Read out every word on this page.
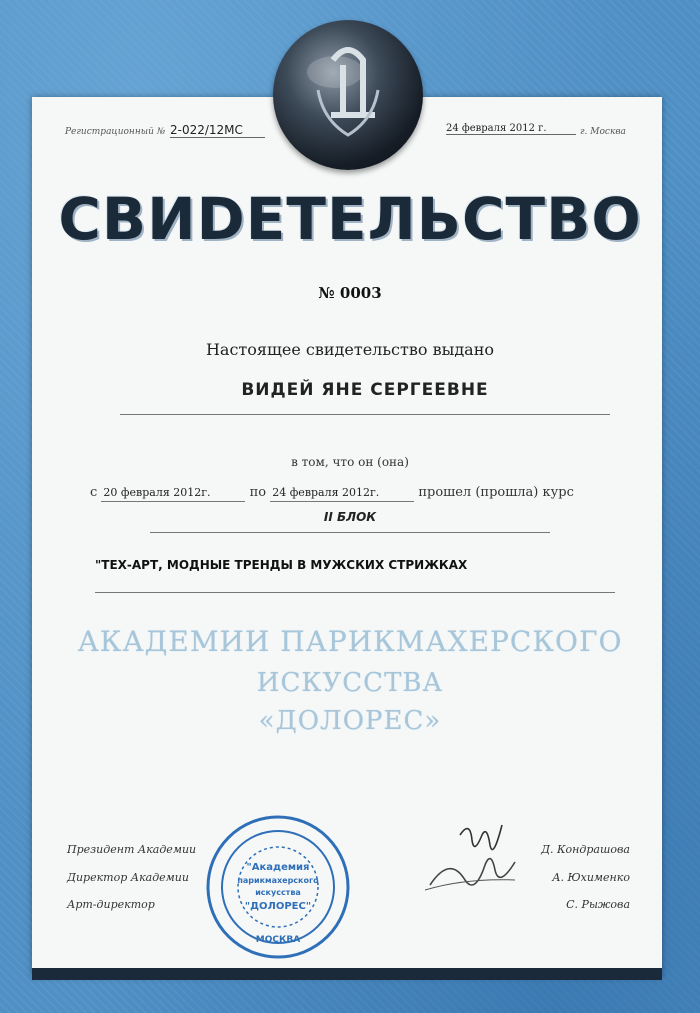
Регистрационный № 2-022/12МС	24 февраля 2012 г.	г. Москва
СВИDЕТЕЛЬСТВО
№ 0003
Настоящее свидетельство выдано
ВИДЕЙ ЯНЕ СЕРГЕЕВНЕ
в том, что он (она)
с 20 февраля 2012г.	по 24 февраля 2012г.	прошел (прошла) курс
II БЛОК
"ТЕХ-АРТ, МОДНЫЕ ТРЕНДЫ В МУЖСКИХ СТРИЖКАХ
АКАДЕМИИ ПАРИКМАХЕРСКОГО
ИСКУССТВА
«ДОЛОРЕС»
Президент Академии
Директор Академии
Арт-директор
Д. Кондрашова
А. Юхименко
С. Рыжова
"Академия
парикмахерского
искусства
"ДОЛОРЕС"
МОСКВА
